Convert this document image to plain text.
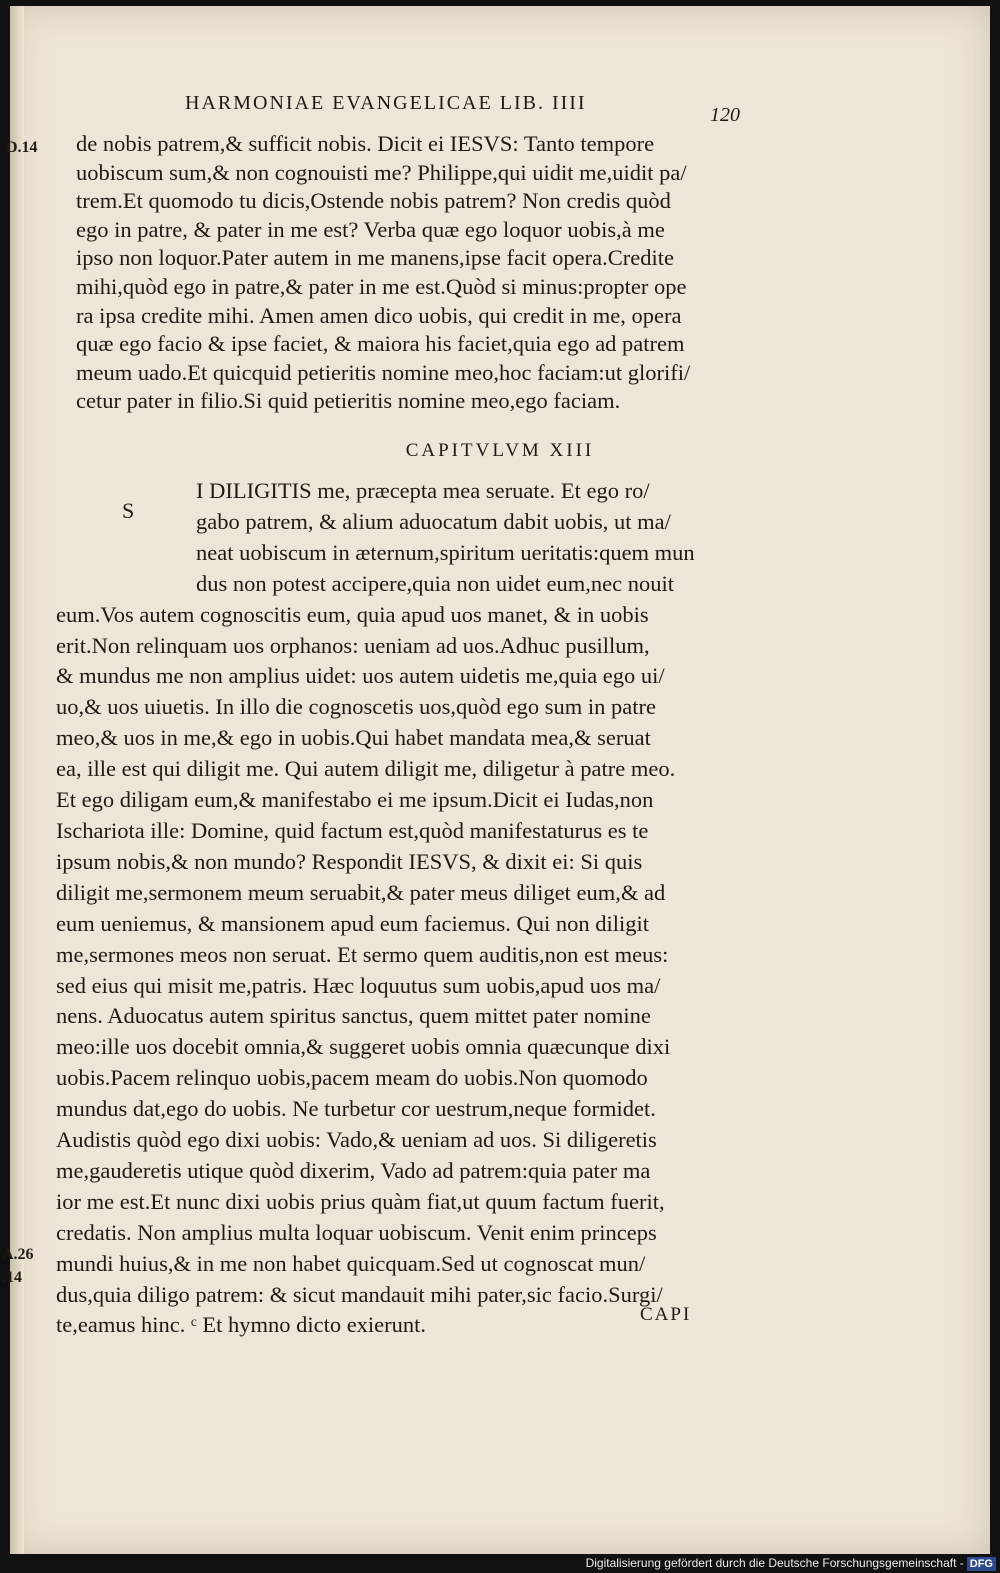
HARMONIAE EVANGELICAE LIB. IIII
120
D.14
A.26
.14
de nobis patrem,& sufficit nobis. Dicit ei IESVS: Tanto tempore
uobiscum sum,& non cognouisti me? Philippe,qui uidit me,uidit pa/
trem.Et quomodo tu dicis,Ostende nobis patrem? Non credis quòd
ego in patre, & pater in me est? Verba quæ ego loquor uobis,à me
ipso non loquor.Pater autem in me manens,ipse facit opera.Credite
mihi,quòd ego in patre,& pater in me est.Quòd si minus:propter ope
ra ipsa credite mihi. Amen amen dico uobis, qui credit in me, opera
quæ ego facio & ipse faciet, & maiora his faciet,quia ego ad patrem
meum uado.Et quicquid petieritis nomine meo,hoc faciam:ut glorifi/
cetur pater in filio.Si quid petieritis nomine meo,ego faciam.
CAPITVLVM XIII
S
I DILIGITIS me, præcepta mea seruate. Et ego ro/
gabo patrem, & alium aduocatum dabit uobis, ut ma/
neat uobiscum in æternum,spiritum ueritatis:quem mun
dus non potest accipere,quia non uidet eum,nec nouit
eum.Vos autem cognoscitis eum, quia apud uos manet, & in uobis
erit.Non relinquam uos orphanos: ueniam ad uos.Adhuc pusillum,
& mundus me non amplius uidet: uos autem uidetis me,quia ego ui/
uo,& uos uiuetis. In illo die cognoscetis uos,quòd ego sum in patre
meo,& uos in me,& ego in uobis.Qui habet mandata mea,& seruat
ea, ille est qui diligit me. Qui autem diligit me, diligetur à patre meo.
Et ego diligam eum,& manifestabo ei me ipsum.Dicit ei Iudas,non
Ischariota ille: Domine, quid factum est,quòd manifestaturus es te
ipsum nobis,& non mundo? Respondit IESVS, & dixit ei: Si quis
diligit me,sermonem meum seruabit,& pater meus diliget eum,& ad
eum ueniemus, & mansionem apud eum faciemus. Qui non diligit
me,sermones meos non seruat. Et sermo quem auditis,non est meus:
sed eius qui misit me,patris. Hæc loquutus sum uobis,apud uos ma/
nens. Aduocatus autem spiritus sanctus, quem mittet pater nomine
meo:ille uos docebit omnia,& suggeret uobis omnia quæcunque dixi
uobis.Pacem relinquo uobis,pacem meam do uobis.Non quomodo
mundus dat,ego do uobis. Ne turbetur cor uestrum,neque formidet.
Audistis quòd ego dixi uobis: Vado,& ueniam ad uos. Si diligeretis
me,gauderetis utique quòd dixerim, Vado ad patrem:quia pater ma
ior me est.Et nunc dixi uobis prius quàm fiat,ut quum factum fuerit,
credatis. Non amplius multa loquar uobiscum. Venit enim princeps
mundi huius,& in me non habet quicquam.Sed ut cognoscat mun/
dus,quia diligo patrem: & sicut mandauit mihi pater,sic facio.Surgi/
te,eamus hinc. ᶜ Et hymno dicto exierunt.	CAPI
Digitalisierung gefördert durch die Deutsche Forschungsgemeinschaft - DFG
